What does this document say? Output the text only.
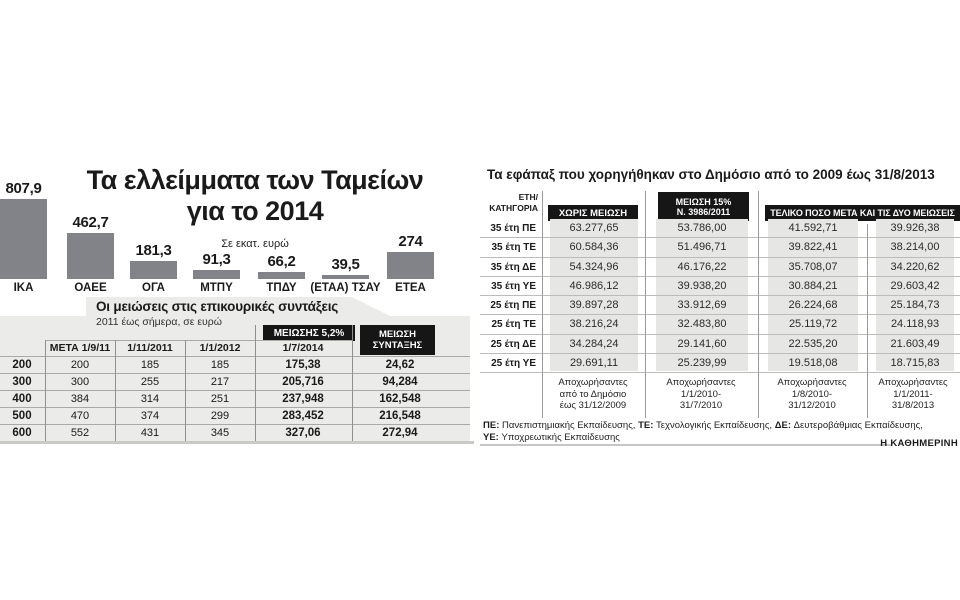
Τα ελλείμματα των Ταμείων
για το 2014
Σε εκατ. ευρώ
807,9
ΙΚΑ
462,7
ΟΑΕΕ
181,3
ΟΓΑ
91,3
ΜΤΠΥ
66,2
ΤΠΔΥ
39,5
(ΕΤΑΑ) ΤΣΑΥ
274
ΕΤΕΑ
Οι μειώσεις στις επικουρικές συντάξεις
2011 έως σήμερα, σε ευρώ
ΜΕΙΩΣΗΣ 5,2%	ΜΕΙΩΣΗ
ΣΥΝΤΑΞΗΣ
ΜΕΤΑ 1/9/11	1/11/2011	1/1/2012	1/7/2014
200	200	185	185	175,38	24,62
300	300	255	217	205,716	94,284
400	384	314	251	237,948	162,548
500	470	374	299	283,452	216,548
600	552	431	345	327,06	272,94
Τα εφάπαξ που χορηγήθηκαν στο Δημόσιο από το 2009 έως 31/8/2013
ΕΤΗ/
ΚΑΤΗΓΟΡΙΑ	ΧΩΡΙΣ ΜΕΙΩΣΗ
ΜΕΙΩΣΗ 15%
Ν. 3986/2011	ΤΕΛΙΚΟ ΠΟΣΟ ΜΕΤΑ ΚΑΙ ΤΙΣ ΔΥΟ ΜΕΙΩΣΕΙΣ
35 έτη ΠΕ	63.277,65	53.786,00	41.592,71	39.926,38
35 έτη ΤΕ	60.584,36	51.496,71	39.822,41	38.214,00
35 έτη ΔΕ	54.324,96	46.176,22	35.708,07	34.220,62
35 έτη ΥΕ	46.986,12	39.938,20	30.884,21	29.603,42
25 έτη ΠΕ	39.897,28	33.912,69	26.224,68	25.184,73
25 έτη ΤΕ	38.216,24	32.483,80	25.119,72	24.118,93
25 έτη ΔΕ	34.284,24	29.141,60	22.535,20	21.603,49
25 έτη ΥΕ	29.691,11	25.239,99	19.518,08	18.715,83
Αποχωρήσαντες
από το Δημόσιο
έως 31/12/2009
Αποχωρήσαντες
1/1/2010-
31/7/2010
Αποχωρήσαντες
1/8/2010-
31/12/2010
Αποχωρήσαντες
1/1/2011-
31/8/2013
ΠΕ: Πανεπιστημιακής Εκπαίδευσης, ΤΕ: Τεχνολογικής Εκπαίδευσης, ΔΕ: Δευτεροβάθμιας Εκπαίδευσης, ΥΕ: Υποχρεωτικής Εκπαίδευσης
Η ΚΑΘΗΜΕΡΙΝΗ
